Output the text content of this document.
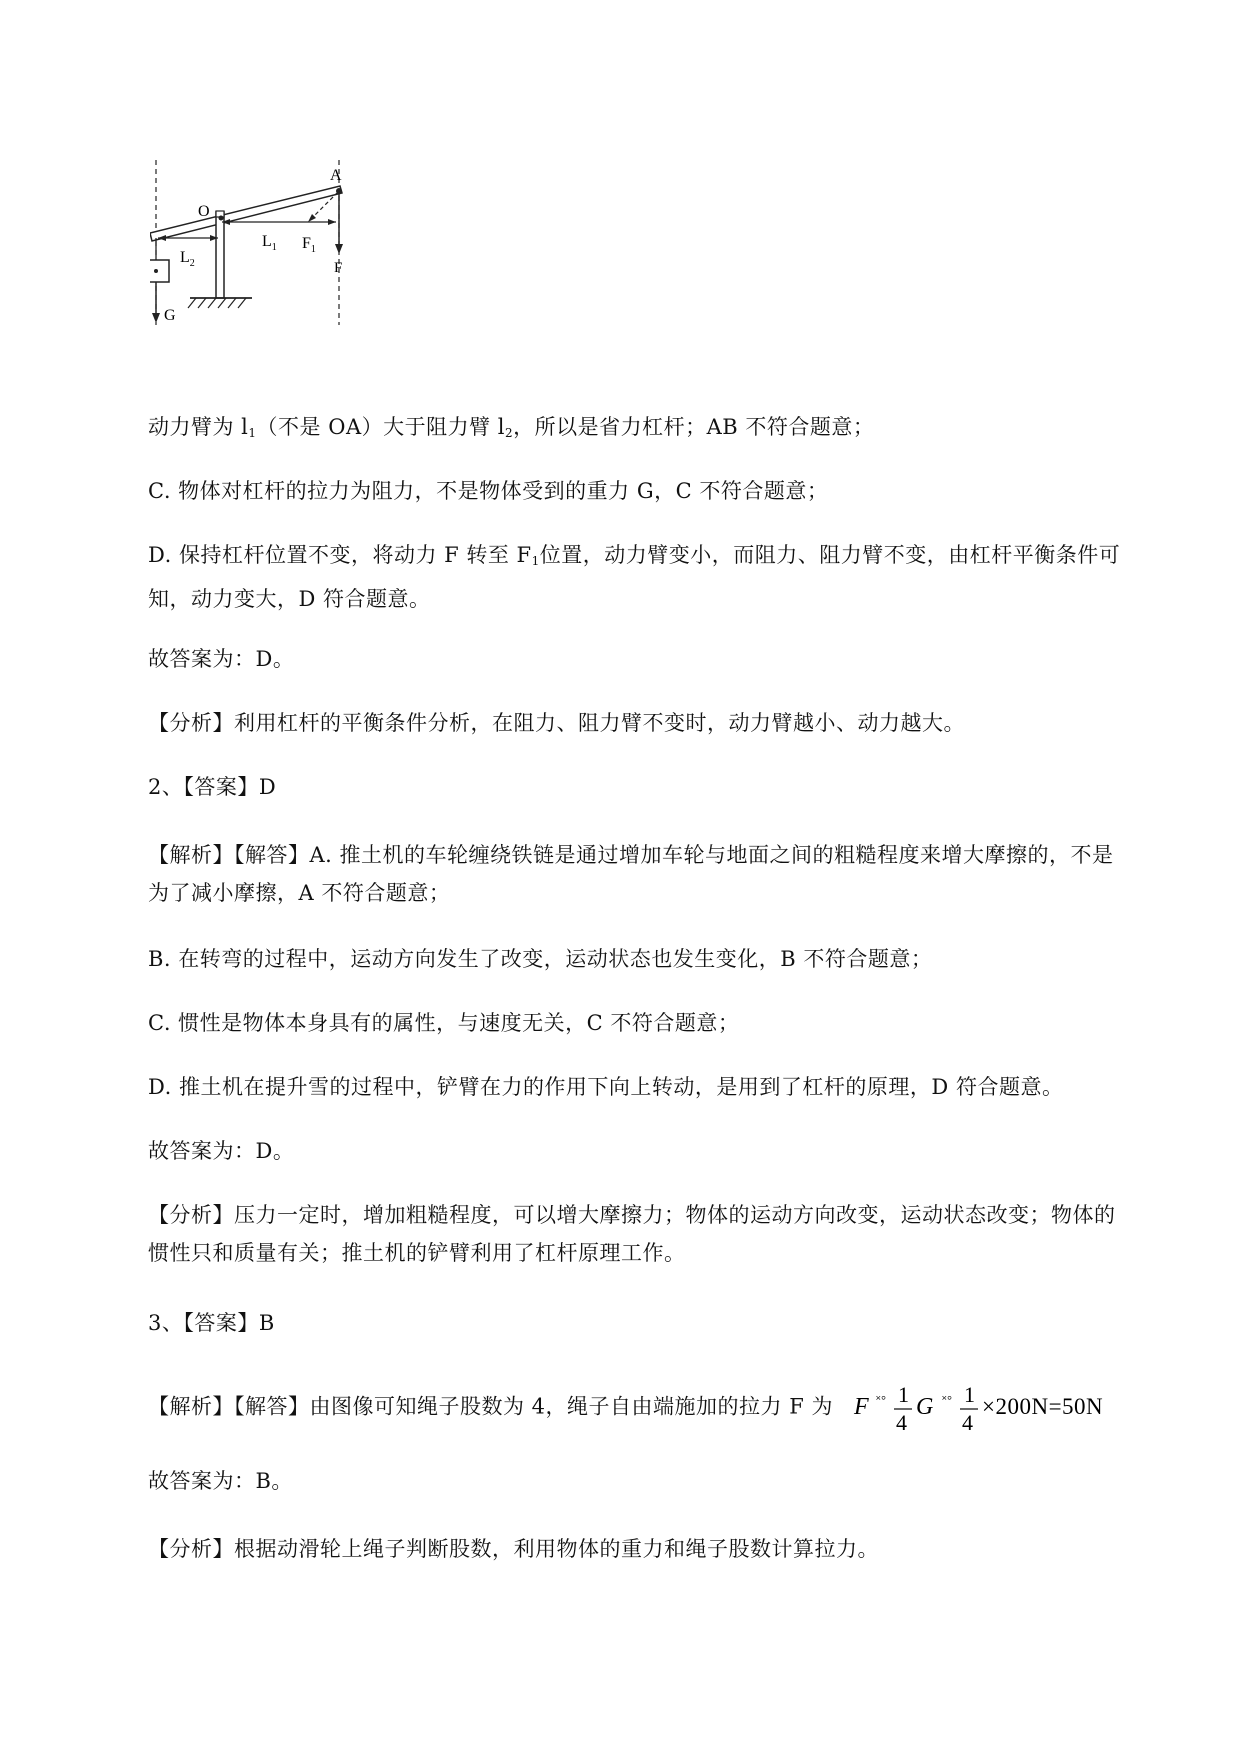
A
O
$L_1$ $F_1$
$L_2$	F
G
动力臂为 $l_1$（不是 OA）大于阻力臂 $l_2$，所以是省力杠杆；AB 不符合题意；
C. 物体对杠杆的拉力为阻力，不是物体受到的重力 G，C 不符合题意；
D. 保持杠杆位置不变，将动力 F 转至 $F_1$位置，动力臂变小，而阻力、阻力臂不变，由杠杆平衡条件可知，动力变大，D 符合题意。
故答案为：D。
【分析】利用杠杆的平衡条件分析，在阻力、阻力臂不变时，动力臂越小、动力越大。
2、【答案】D
【解析】【解答】A. 推土机的车轮缠绕铁链是通过增加车轮与地面之间的粗糙程度来增大摩擦的，不是为了减小摩擦，A 不符合题意；
B. 在转弯的过程中，运动方向发生了改变，运动状态也发生变化，B 不符合题意；
C. 惯性是物体本身具有的属性，与速度无关，C 不符合题意；
D. 推土机在提升雪的过程中，铲臂在力的作用下向上转动，是用到了杠杆的原理，D 符合题意。
故答案为：D。
【分析】压力一定时，增加粗糙程度，可以增大摩擦力；物体的运动方向改变，运动状态改变；物体的惯性只和质量有关；推土机的铲臂利用了杠杆原理工作。
3、【答案】B
【解析】【解答】由图像可知绳子股数为 4，绳子自由端施加的拉力 F 为 F ˟° 1
4
G ˟° 1
4
×200N=50N
故答案为：B。
【分析】根据动滑轮上绳子判断股数，利用物体的重力和绳子股数计算拉力。
